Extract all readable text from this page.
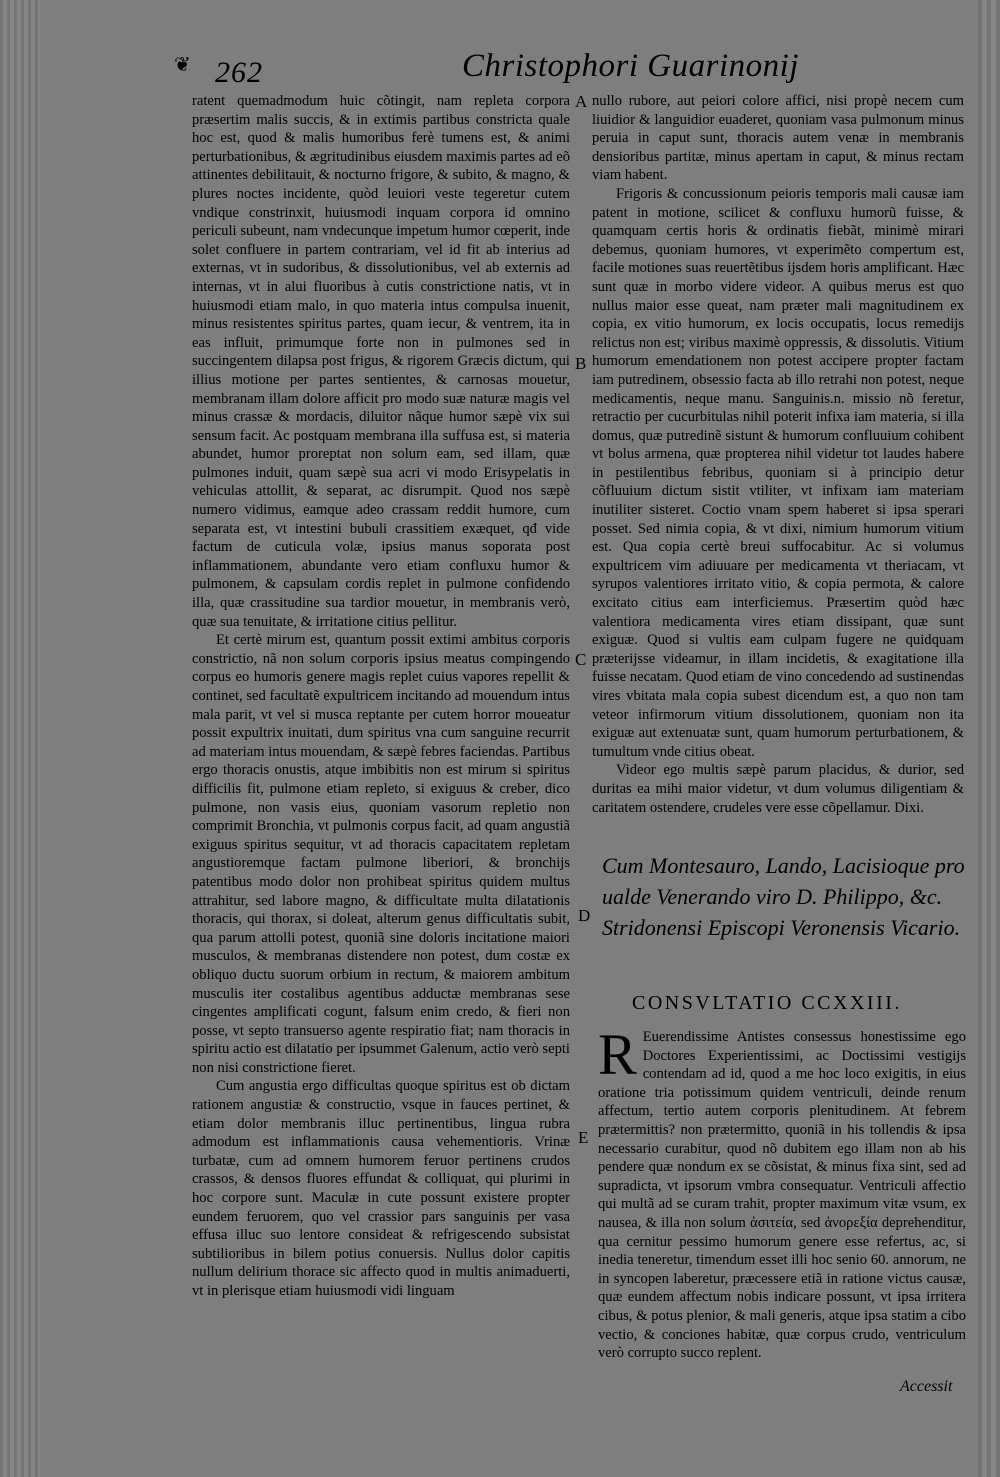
❦ 262	Christophori Guarinonij
A
B
C
D
E

ratent quemadmodum huic cõtingit, nam repleta corpora præsertim malis succis, & in extimis partibus constricta quale hoc est, quod & malis humoribus ferè tumens est, & animi perturbationibus, & ægritudinibus eiusdem maximis partes ad eõ attinentes debilitauit, & nocturno frigore, & subito, & magno, & plures noctes incidente, quòd leuiori veste tegeretur cutem vndique constrinxit, huiusmodi inquam corpora id omnino periculi subeunt, nam vndecunque impetum humor cœperit, inde solet confluere in partem contrariam, vel id fit ab interius ad externas, vt in sudoribus, & dissolutionibus, vel ab externis ad internas, vt in alui fluoribus à cutis constrictione natis, vt in huiusmodi etiam malo, in quo materia intus compulsa inuenit, minus resistentes spiritus partes, quam iecur, & ventrem, ita in eas influit, primumque forte non in pulmones sed in succingentem dilapsa post frigus, & rigorem Græcis dictum, qui illius motione per partes sentientes, & carnosas mouetur, membranam illam dolore afficit pro modo suæ naturæ magis vel minus crassæ & mordacis, diluitor nãque humor sæpè vix sui sensum facit. Ac postquam membrana illa suffusa est, si materia abundet, humor proreptat non solum eam, sed illam, quæ pulmones induit, quam sæpè sua acri vi modo Erisypelatis in vehiculas attollit, & separat, ac disrumpit. Quod nos sæpè numero vidimus, eamque adeo crassam reddit humore, cum separata est, vt intestini bubuli crassitiem exæquet, qđ vide factum de cuticula volæ, ipsius manus soporata post inflammationem, abundante vero etiam confluxu humor & pulmonem, & capsulam cordis replet in pulmone confidendo illa, quæ crassitudine sua tardior mouetur, in membranis verò, quæ sua tenuitate, & irritatione citius pellitur.

Et certè mirum est, quantum possit extimi ambitus corporis constrictio, nã non solum corporis ipsius meatus compingendo corpus eo humoris genere magis replet cuius vapores repellit & continet, sed facultatẽ expultricem incitando ad mouendum intus mala parit, vt vel si musca reptante per cutem horror moueatur possit expultrix inuitati, dum spiritus vna cum sanguine recurrit ad materiam intus mouendam, & sæpè febres faciendas. Partibus ergo thoracis onustis, atque imbibitis non est mirum si spiritus difficilis fit, pulmone etiam repleto, si exiguus & creber, dico pulmone, non vasis eius, quoniam vasorum repletio non comprimit Bronchia, vt pulmonis corpus facit, ad quam angustiã exiguus spiritus sequitur, vt ad thoracis capacitatem repletam angustioremque factam pulmone liberiori, & bronchijs patentibus modo dolor non prohibeat spiritus quidem multus attrahitur, sed labore magno, & difficultate multa dilatationis thoracis, qui thorax, si doleat, alterum genus difficultatis subit, qua parum attolli potest, quoniã sine doloris incitatione maiori musculos, & membranas distendere non potest, dum costæ ex obliquo ductu suorum orbium in rectum, & maiorem ambitum musculis iter costalibus agentibus adductæ membranas sese cingentes amplificati cogunt, falsum enim credo, & fieri non posse, vt septo transuerso agente respiratio fiat; nam thoracis in spiritu actio est dilatatio per ipsummet Galenum, actio verò septi non nisi constrictione fieret.

Cum angustia ergo difficultas quoque spiritus est ob dictam rationem angustiæ & constructio, vsque in fauces pertinet, & etiam dolor membranis illuc pertinentibus, lingua rubra admodum est inflammationis causa vehementioris. Vrinæ turbatæ, cum ad omnem humorem feruor pertinens crudos crassos, & densos fluores effundat & colliquat, qui plurimi in hoc corpore sunt. Maculæ in cute possunt existere propter eundem feruorem, quo vel crassior pars sanguinis per vasa effusa illuc suo lentore consideat & refrigescendo subsistat subtilioribus in bilem potius conuersis. Nullus dolor capitis nullum delirium thorace sic affecto quod in multis animaduerti, vt in plerisque etiam huiusmodi vidi linguam

nullo rubore, aut peiori colore affici, nisi propè necem cum liuidior & languidior euaderet, quoniam vasa pulmonum minus peruia in caput sunt, thoracis autem venæ in membranis densioribus partitæ, minus apertam in caput, & minus rectam viam habent.

Frigoris & concussionum peioris temporis mali causæ iam patent in motione, scilicet & confluxu humorũ fuisse, & quamquam certis horis & ordinatis fiebãt, minimè mirari debemus, quoniam humores, vt experimẽto compertum est, facile motiones suas reuertẽtibus ijsdem horis amplificant. Hæc sunt quæ in morbo videre videor. A quibus merus est quo nullus maior esse queat, nam præter mali magnitudinem ex copia, ex vitio humorum, ex locis occupatis, locus remedijs relictus non est; viribus maximè oppressis, & dissolutis. Vitium humorum emendationem non potest accipere propter factam iam putredinem, obsessio facta ab illo retrahi non potest, neque medicamentis, neque manu. Sanguinis.n. missio nõ feretur, retractio per cucurbitulas nihil poterit infixa iam materia, si illa domus, quæ putredinẽ sistunt & humorum confluuium cohibent vt bolus armena, quæ propterea nihil videtur tot laudes habere in pestilentibus febribus, quoniam si à principio detur cõfluuium dictum sistit vtiliter, vt infixam iam materiam inutiliter sisteret. Coctio vnam spem haberet si ipsa sperari posset. Sed nimia copia, & vt dixi, nimium humorum vitium est. Qua copia certè breui suffocabitur. Ac si volumus expultricem vim adiuuare per medicamenta vt theriacam, vt syrupos valentiores irritato vitio, & copia permota, & calore excitato citius eam interficiemus. Præsertim quòd hæc valentiora medicamenta vires etiam dissipant, quæ sunt exiguæ. Quod si vultis eam culpam fugere ne quidquam præterijsse videamur, in illam incidetis, & exagitatione illa fuisse necatam. Quod etiam de vino concedendo ad sustinendas vires vbitata mala copia subest dicendum est, a quo non tam veteor infirmorum vitium dissolutionem, quoniam non ita exiguæ aut extenuatæ sunt, quam humorum perturbationem, & tumultum vnde citius obeat.

Videor ego multis sæpè parum placidus, & durior, sed duritas ea mihi maior videtur, vt dum volumus diligentiam & caritatem ostendere, crudeles vere esse cõpellamur. Dixi.

Cum Montesauro, Lando, Lacisioque pro ualde Venerando viro D. Philippo, &c. Stridonensi Episcopi Veronensis Vicario.
CONSVLTATIO CCXXIII.

R Euerendissime Antistes consessus honestissime ego Doctores Experientissimi, ac Doctissimi vestigijs contendam ad id, quod a me hoc loco exigitis, in eius oratione tria potissimum quidem ventriculi, deinde renum affectum, tertio autem corporis plenitudinem. At febrem prætermittis? non prætermitto, quoniã in his tollendis & ipsa necessario curabitur, quod nõ dubitem ego illam non ab his pendere quæ nondum ex se cõsistat, & minus fixa sint, sed ad supradicta, vt ipsorum vmbra consequatur. Ventriculi affectio qui multã ad se curam trahit, propter maximum vitæ vsum, ex nausea, & illa non solum ἀσιτεία, sed ἀνορεξία deprehenditur, qua cernitur pessimo humorum genere esse refertus, ac, si inedia teneretur, timendum esset illi hoc senio 60. annorum, ne in syncopen laberetur, præcessere etiã in ratione victus causæ, quæ eundem affectum nobis indicare possunt, vt ipsa irritera cibus, & potus plenior, & mali generis, atque ipsa statim a cibo vectio, & conciones habitæ, quæ corpus crudo, ventriculum verò corrupto succo replent.

Accessit
